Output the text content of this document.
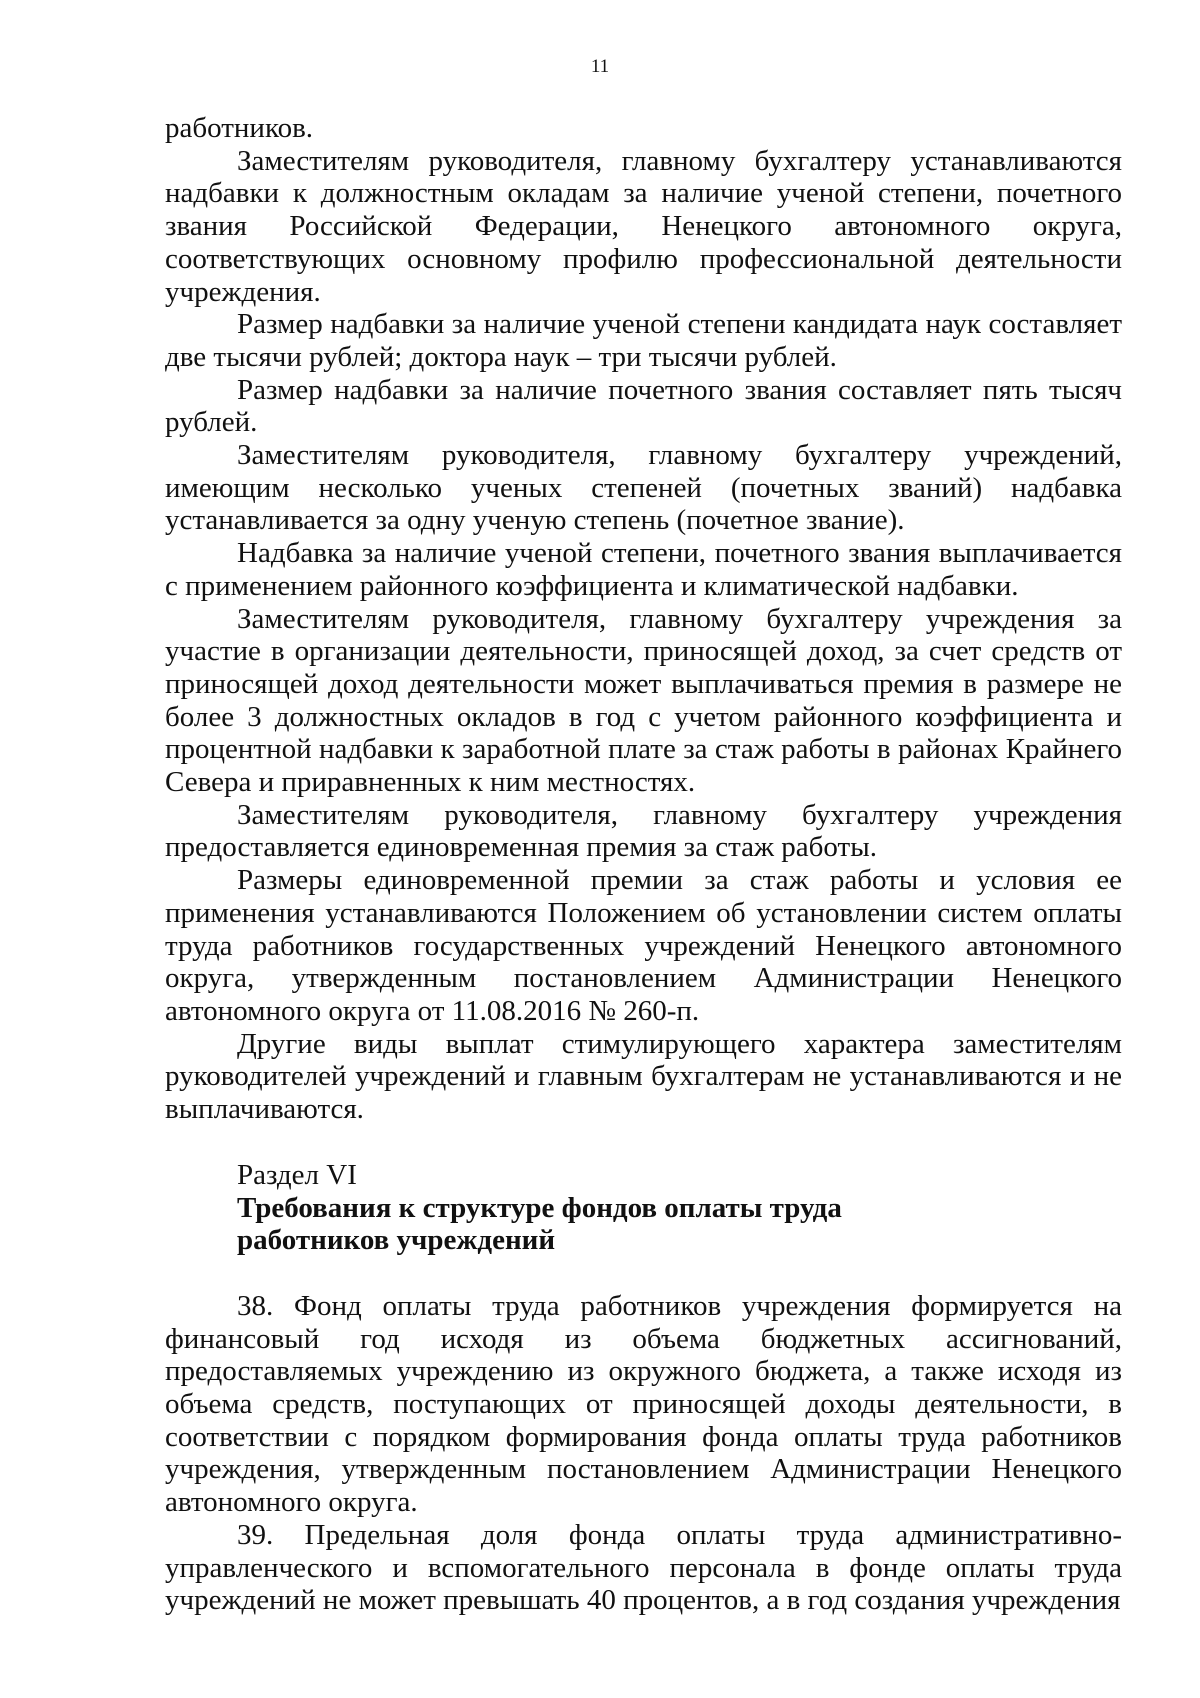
11

работников.

Заместителям руководителя, главному бухгалтеру устанавливаются надбавки к должностным окладам за наличие ученой степени, почетного звания Российской Федерации, Ненецкого автономного округа, соответствующих основному профилю профессиональной деятельности учреждения.

Размер надбавки за наличие ученой степени кандидата наук составляет две тысячи рублей; доктора наук – три тысячи рублей.

Размер надбавки за наличие почетного звания составляет пять тысяч рублей.

Заместителям руководителя, главному бухгалтеру учреждений, имеющим несколько ученых степеней (почетных званий) надбавка устанавливается за одну ученую степень (почетное звание).

Надбавка за наличие ученой степени, почетного звания выплачивается с применением районного коэффициента и климатической надбавки.

Заместителям руководителя, главному бухгалтеру учреждения за участие в организации деятельности, приносящей доход, за счет средств от приносящей доход деятельности может выплачиваться премия в размере не более 3 должностных окладов в год с учетом районного коэффициента и процентной надбавки к заработной плате за стаж работы в районах Крайнего Севера и приравненных к ним местностях.

Заместителям руководителя, главному бухгалтеру учреждения предоставляется единовременная премия за стаж работы.

Размеры единовременной премии за стаж работы и условия ее применения устанавливаются Положением об установлении систем оплаты труда работников государственных учреждений Ненецкого автономного округа, утвержденным постановлением Администрации Ненецкого автономного округа от 11.08.2016 № 260-п.

Другие виды выплат стимулирующего характера заместителям руководителей учреждений и главным бухгалтерам не устанавливаются и не выплачиваются.

Раздел VI

Требования к структуре фондов оплаты труда

работников учреждений

38. Фонд оплаты труда работников учреждения формируется на финансовый год исходя из объема бюджетных ассигнований, предоставляемых учреждению из окружного бюджета, а также исходя из объема средств, поступающих от приносящей доходы деятельности, в соответствии с порядком формирования фонда оплаты труда работников учреждения, утвержденным постановлением Администрации Ненецкого автономного округа.

39. Предельная доля фонда оплаты труда административно-управленческого и вспомогательного персонала в фонде оплаты труда учреждений не может превышать 40 процентов, а в год создания учреждения
